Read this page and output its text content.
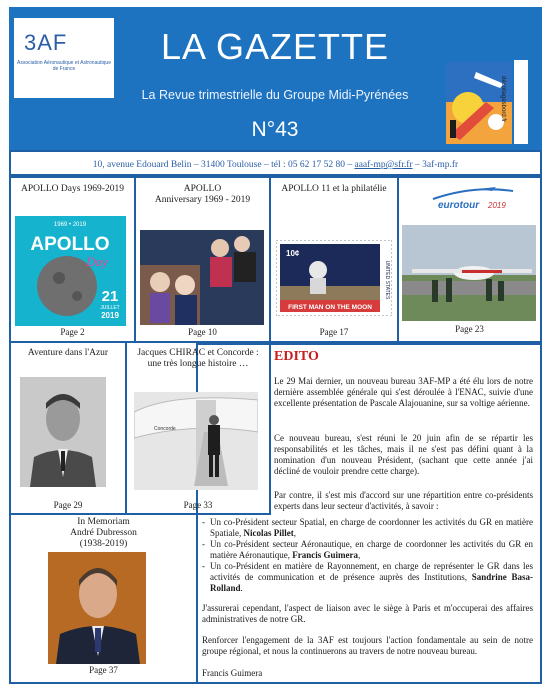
3AF
Association Aéronautique et Astronautique de France
LA GAZETTE
La Revue trimestrielle du Groupe Midi-Pyrénées
N°43
décollagesbord.fr
10, avenue Edouard Belin – 31400 Toulouse – tél : 05 62 17 52 80 – aaaf-mp@sfr.fr – 3af-mp.fr
APOLLO Days 1969-2019
1969 • 2019
APOLLO
Day
21
JUILLET
2019
Page 2
APOLLO
Anniversary 1969 - 2019
Page 10
APOLLO 11 et la philatélie
10¢
FIRST MAN ON THE MOON
UNITED STATES
Page 17
eurotour 2019
Page 23
Aventure dans l'Azur
Page 29
Jacques CHIRAC et Concorde :
une très longue histoire …
Concorde
Page 33
In Memoriam
André Dubresson
(1938-2019)
Page 37
EDITO
Le 29 Mai dernier, un nouveau bureau 3AF-MP a été élu lors de notre dernière assemblée générale qui s'est déroulée à l'ENAC, suivie d'une excellente présentation de Pascale Alajouanine, sur sa voltige aérienne.
Ce nouveau bureau, s'est réuni le 20 juin afin de se répartir les responsabilités et les tâches, mais il ne s'est pas défini quant à la nomination d'un nouveau Président, (sachant que cette année j'ai décliné de vouloir prendre cette charge).
Par contre, il s'est mis d'accord sur une répartition entre co-présidents experts dans leur secteur d'activités, à savoir :
- Un co-Président secteur Spatial, en charge de coordonner les activités du GR en matière Spatiale, Nicolas Pillet,
- Un co-Président secteur Aéronautique, en charge de coordonner les activités du GR en matière Aéronautique, Francis Guimera,
- Un co-Président en matière de Rayonnement, en charge de représenter le GR dans les activités de communication et de présence auprès des Institutions, Sandrine Basa-Rolland.
J'assurerai cependant, l'aspect de liaison avec le siège à Paris et m'occuperai des affaires administratives de notre GR.
Renforcer l'engagement de la 3AF est toujours l'action fondamentale au sein de notre groupe régional, et nous la continuerons au travers de notre nouveau bureau.
Francis Guimera
